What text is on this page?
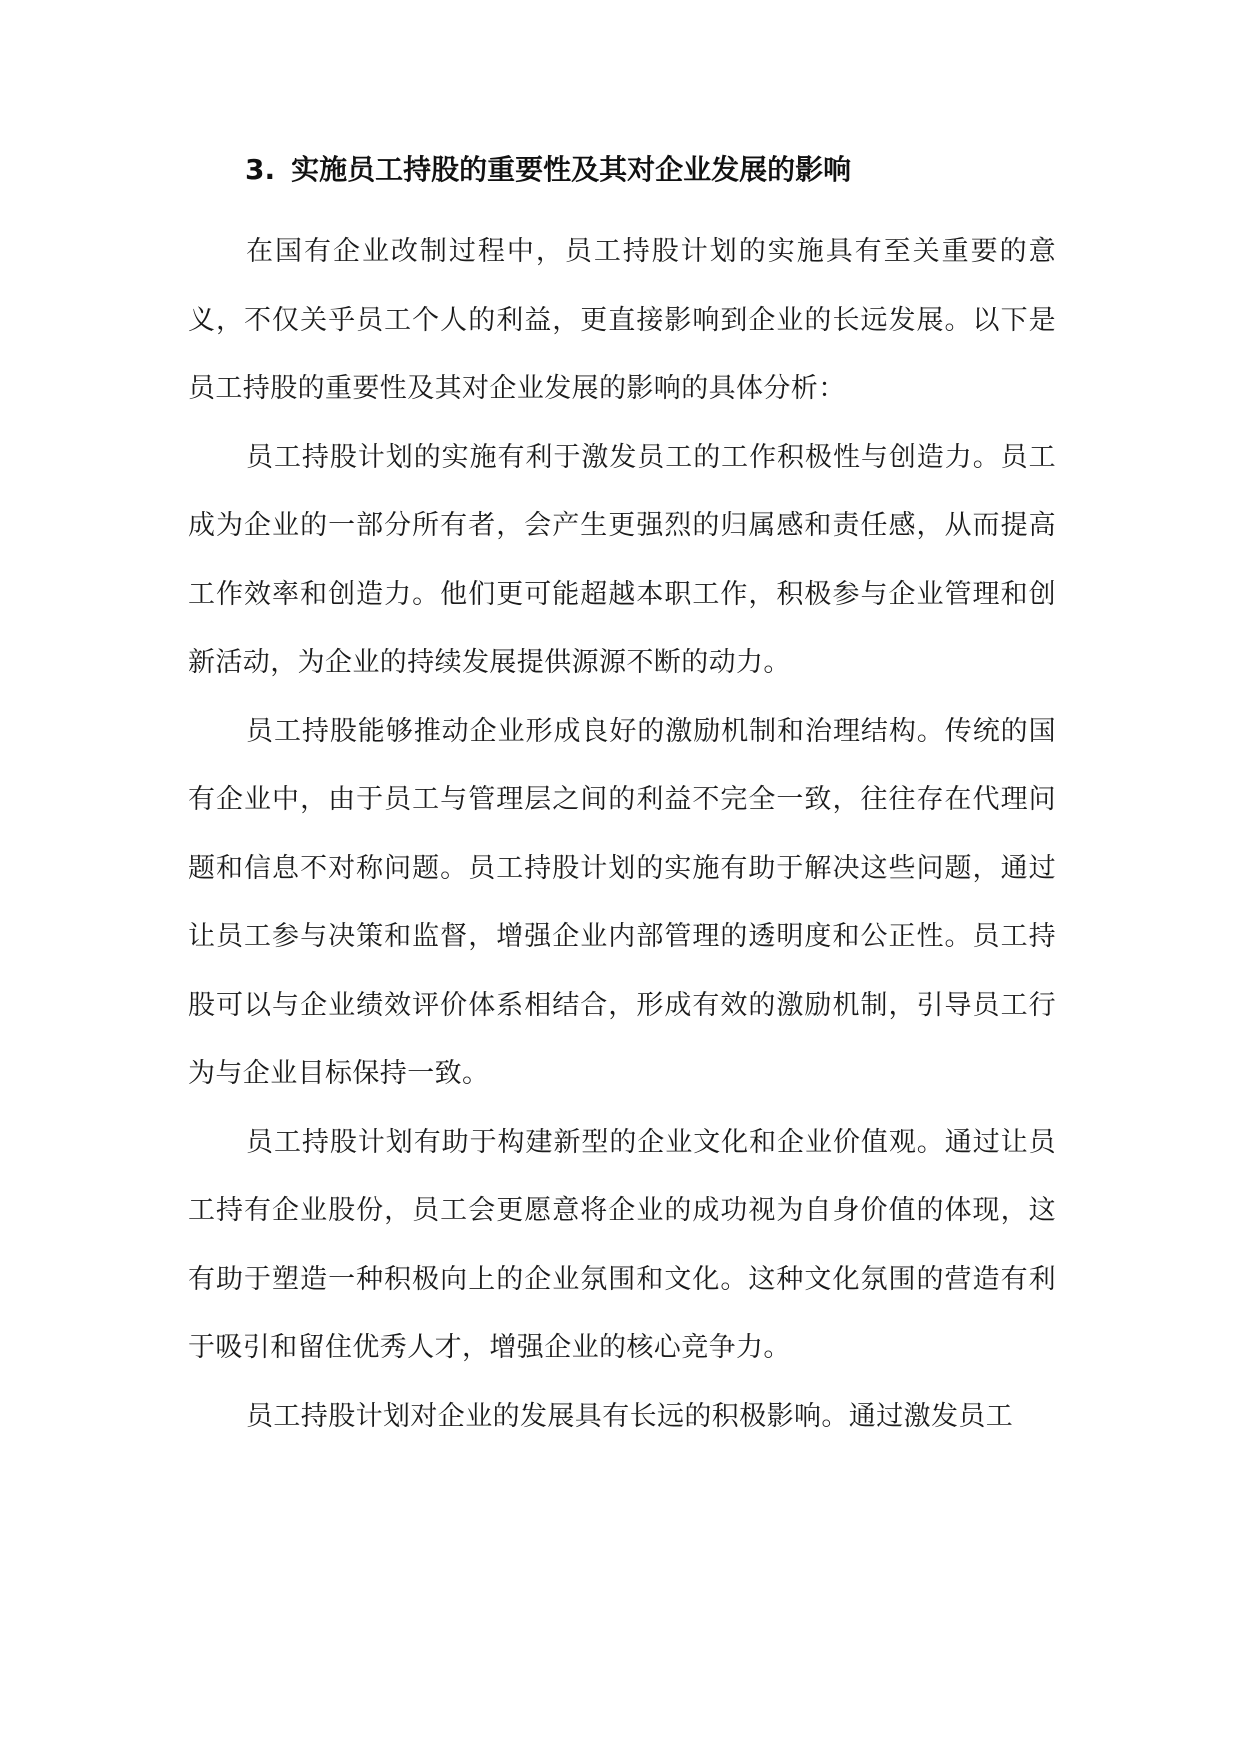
3. 实施员工持股的重要性及其对企业发展的影响

在国有企业改制过程中，员工持股计划的实施具有至关重要的意义，不仅关乎员工个人的利益，更直接影响到企业的长远发展。以下是员工持股的重要性及其对企业发展的影响的具体分析：

员工持股计划的实施有利于激发员工的工作积极性与创造力。员工成为企业的一部分所有者，会产生更强烈的归属感和责任感，从而提高工作效率和创造力。他们更可能超越本职工作，积极参与企业管理和创新活动，为企业的持续发展提供源源不断的动力。

员工持股能够推动企业形成良好的激励机制和治理结构。传统的国有企业中，由于员工与管理层之间的利益不完全一致，往往存在代理问题和信息不对称问题。员工持股计划的实施有助于解决这些问题，通过让员工参与决策和监督，增强企业内部管理的透明度和公正性。员工持股可以与企业绩效评价体系相结合，形成有效的激励机制，引导员工行为与企业目标保持一致。

员工持股计划有助于构建新型的企业文化和企业价值观。通过让员工持有企业股份，员工会更愿意将企业的成功视为自身价值的体现，这有助于塑造一种积极向上的企业氛围和文化。这种文化氛围的营造有利于吸引和留住优秀人才，增强企业的核心竞争力。

员工持股计划对企业的发展具有长远的积极影响。通过激发员工
